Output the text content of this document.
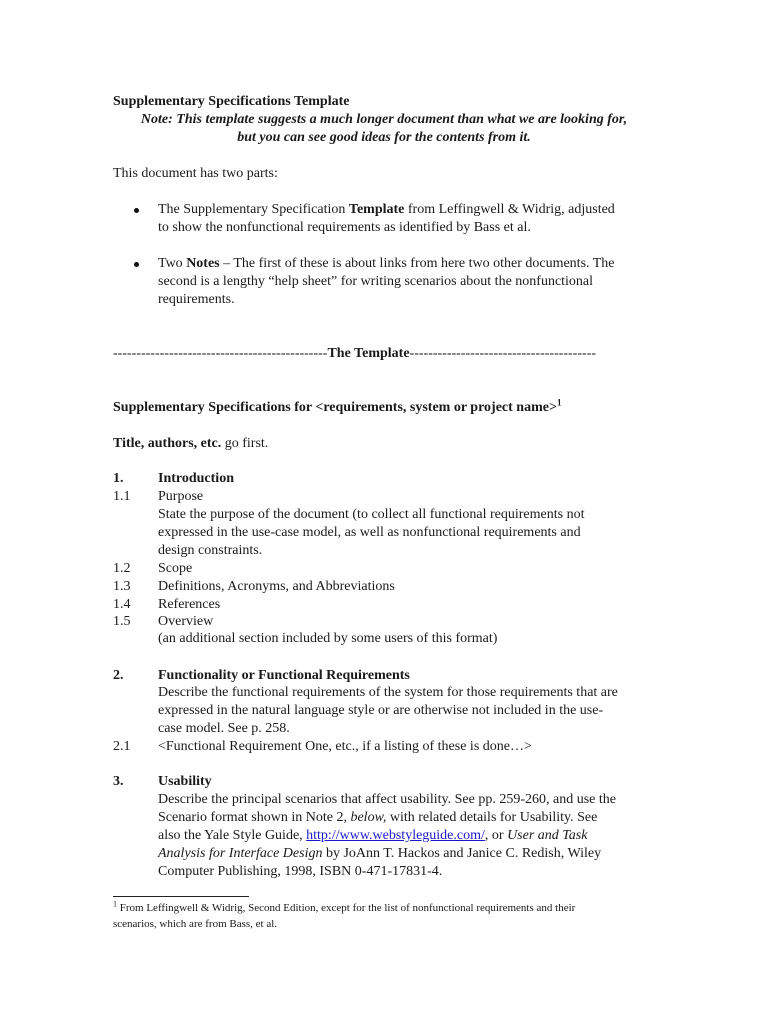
Supplementary Specifications Template
Note: This template suggests a much longer document than what we are looking for,
but you can see good ideas for the contents from it.
This document has two parts:
The Supplementary Specification Template from Leffingwell & Widrig, adjusted
to show the nonfunctional requirements as identified by Bass et al.
Two Notes – The first of these is about links from here two other documents. The
second is a lengthy “help sheet” for writing scenarios about the nonfunctional
requirements.
----------------------------------------------The Template----------------------------------------
Supplementary Specifications for <requirements, system or project name>$^1$
Title, authors, etc. go first.
1. Introduction
1.1 Purpose
State the purpose of the document (to collect all functional requirements not
expressed in the use-case model, as well as nonfunctional requirements and
design constraints.
1.2 Scope
1.3 Definitions, Acronyms, and Abbreviations
1.4 References
1.5 Overview
(an additional section included by some users of this format)
2. Functionality or Functional Requirements
Describe the functional requirements of the system for those requirements that are
expressed in the natural language style or are otherwise not included in the use-
case model. See p. 258.
2.1 <Functional Requirement One, etc., if a listing of these is done…>
3. Usability
Describe the principal scenarios that affect usability. See pp. 259-260, and use the
Scenario format shown in Note 2, below, with related details for Usability. See
also the Yale Style Guide, http://www.webstyleguide.com/, or User and Task
Analysis for Interface Design by JoAnn T. Hackos and Janice C. Redish, Wiley
Computer Publishing, 1998, ISBN 0-471-17831-4.
$^1$ From Leffingwell & Widrig, Second Edition, except for the list of nonfunctional requirements and their
scenarios, which are from Bass, et al.
